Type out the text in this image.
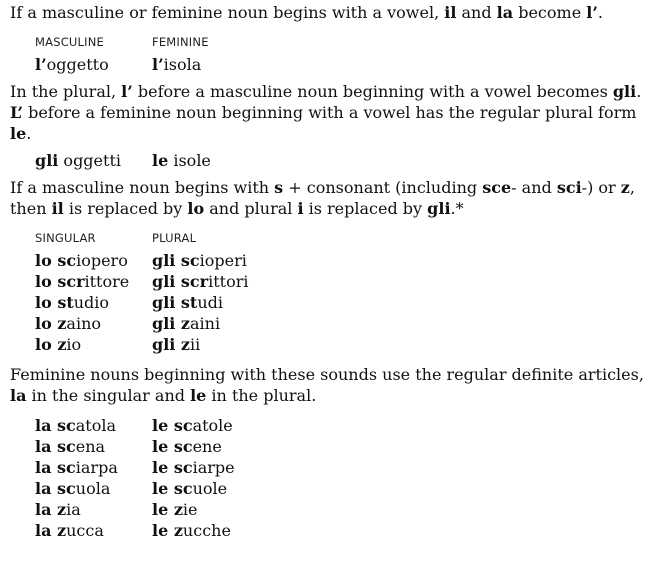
If a masculine or feminine noun begins with a vowel, il and la become l’.

MASCULINE	FEMININE
l’oggetto	l’isola

In the plural, l’ before a masculine noun beginning with a vowel becomes gli. L’ before a feminine noun beginning with a vowel has the regular plural form le.

gli oggetti	le isole

If a masculine noun begins with s + consonant (including sce- and sci-) or z, then il is replaced by lo and plural i is replaced by gli.*

SINGULAR	PLURAL
lo sciopero	gli scioperi
lo scrittore	gli scrittori
lo studio	gli studi
lo zaino	gli zaini
lo zio	gli zii

Feminine nouns beginning with these sounds use the regular definite articles, la in the singular and le in the plural.

la scatola	le scatole
la scena	le scene
la sciarpa	le sciarpe
la scuola	le scuole
la zia	le zie
la zucca	le zucche
